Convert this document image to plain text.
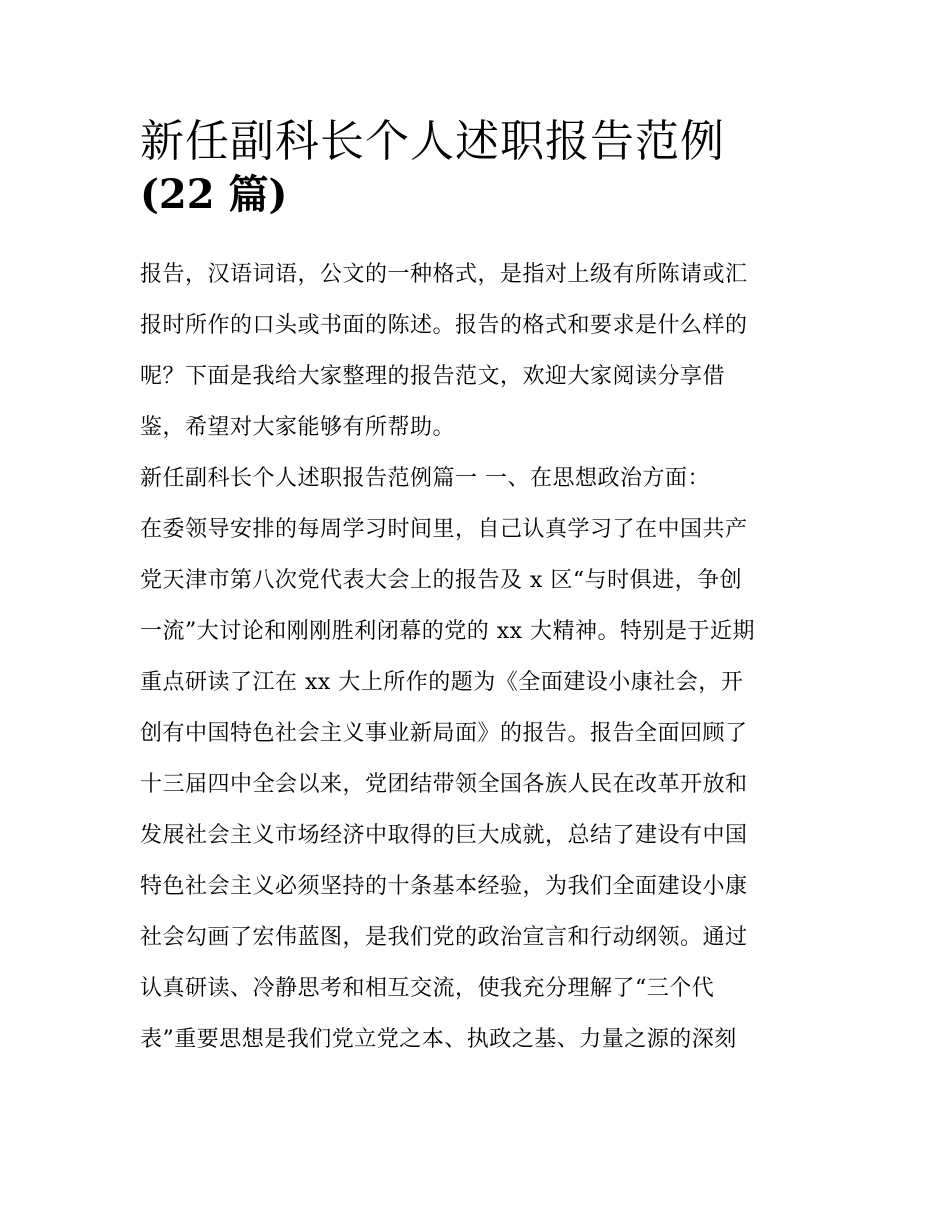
新任副科长个人述职报告范例
(22 篇)
报告，汉语词语，公文的一种格式，是指对上级有所陈请或汇
报时所作的口头或书面的陈述。报告的格式和要求是什么样的
呢？下面是我给大家整理的报告范文，欢迎大家阅读分享借
鉴，希望对大家能够有所帮助。
新任副科长个人述职报告范例篇一 一、在思想政治方面：
在委领导安排的每周学习时间里，自己认真学习了在中国共产
党天津市第八次党代表大会上的报告及 x 区“与时俱进，争创
一流”大讨论和刚刚胜利闭幕的党的 xx 大精神。特别是于近期
重点研读了江在 xx 大上所作的题为《全面建设小康社会，开
创有中国特色社会主义事业新局面》的报告。报告全面回顾了
十三届四中全会以来，党团结带领全国各族人民在改革开放和
发展社会主义市场经济中取得的巨大成就，总结了建设有中国
特色社会主义必须坚持的十条基本经验，为我们全面建设小康
社会勾画了宏伟蓝图，是我们党的政治宣言和行动纲领。通过
认真研读、冷静思考和相互交流，使我充分理解了“三个代
表”重要思想是我们党立党之本、执政之基、力量之源的深刻
